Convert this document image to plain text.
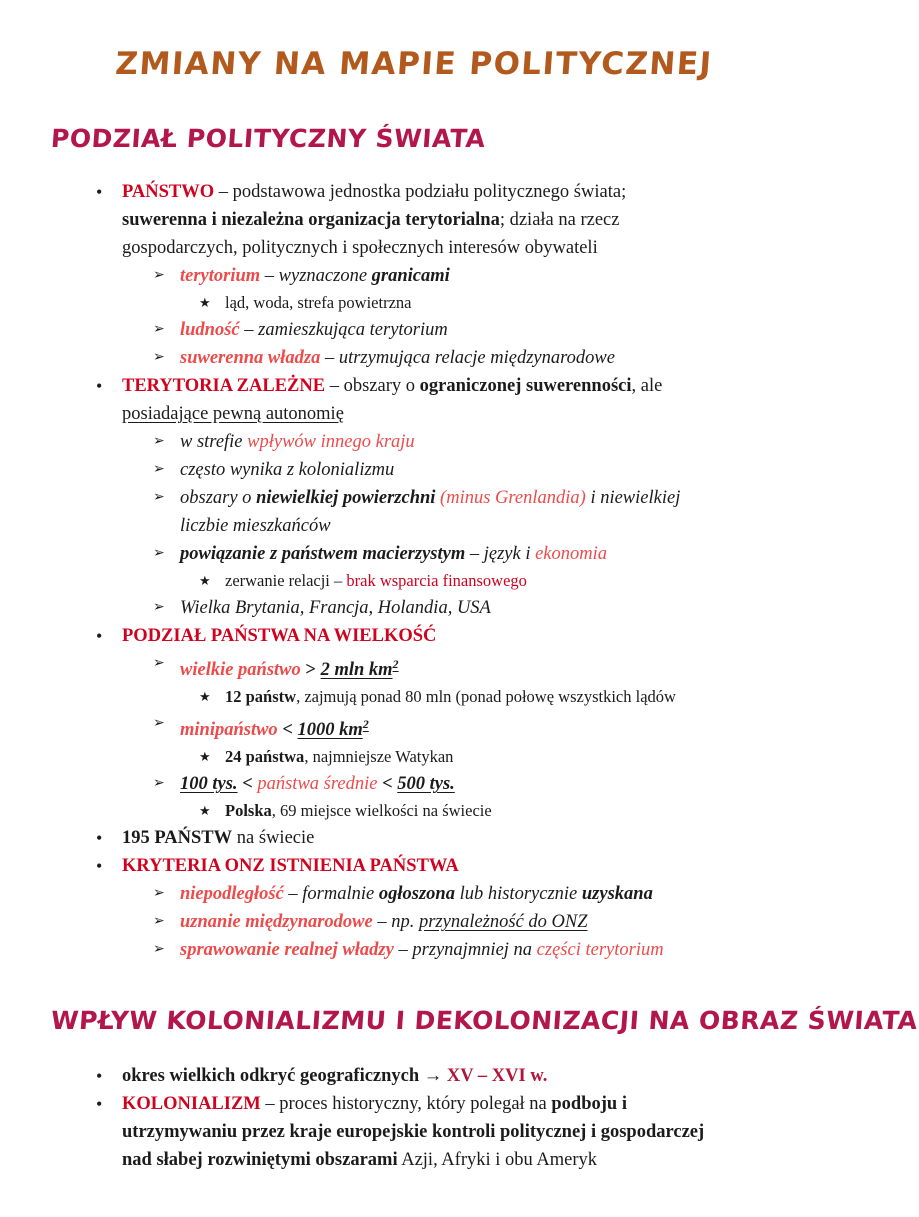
ZMIANY NA MAPIE POLITYCZNEJ
PODZIAŁ POLITYCZNY ŚWIATA
• PAŃSTWO – podstawowa jednostka podziału politycznego świata;
suwerenna i niezależna organizacja terytorialna; działa na rzecz
gospodarczych, politycznych i społecznych interesów obywateli
➢ terytorium – wyznaczone granicami
★ ląd, woda, strefa powietrzna
➢ ludność – zamieszkująca terytorium
➢ suwerenna władza – utrzymująca relacje międzynarodowe
• TERYTORIA ZALEŻNE – obszary o ograniczonej suwerenności, ale
posiadające pewną autonomię
➢ w strefie wpływów innego kraju
➢ często wynika z kolonializmu
➢ obszary o niewielkiej powierzchni (minus Grenlandia) i niewielkiej
liczbie mieszkańców
➢ powiązanie z państwem macierzystym – język i ekonomia
★ zerwanie relacji – brak wsparcia finansowego
➢ Wielka Brytania, Francja, Holandia, USA
• PODZIAŁ PAŃSTWA NA WIELKOŚĆ
➢ wielkie państwo > 2 mln $km^2$
★ 12 państw, zajmują ponad 80 mln (ponad połowę wszystkich lądów
➢ minipaństwo < 1000 $km^2$
★ 24 państwa, najmniejsze Watykan
➢ 100 tys. < państwa średnie < 500 tys.
★ Polska, 69 miejsce wielkości na świecie
• 195 PAŃSTW na świecie
• KRYTERIA ONZ ISTNIENIA PAŃSTWA
➢ niepodległość – formalnie ogłoszona lub historycznie uzyskana
➢ uznanie międzynarodowe – np. przynależność do ONZ
➢ sprawowanie realnej władzy – przynajmniej na części terytorium
WPŁYW KOLONIALIZMU I DEKOLONIZACJI NA OBRAZ ŚWIATA
• okres wielkich odkryć geograficznych → XV – XVI w.
• KOLONIALIZM – proces historyczny, który polegał na podboju i
utrzymywaniu przez kraje europejskie kontroli politycznej i gospodarczej
nad słabej rozwiniętymi obszarami Azji, Afryki i obu Ameryk
